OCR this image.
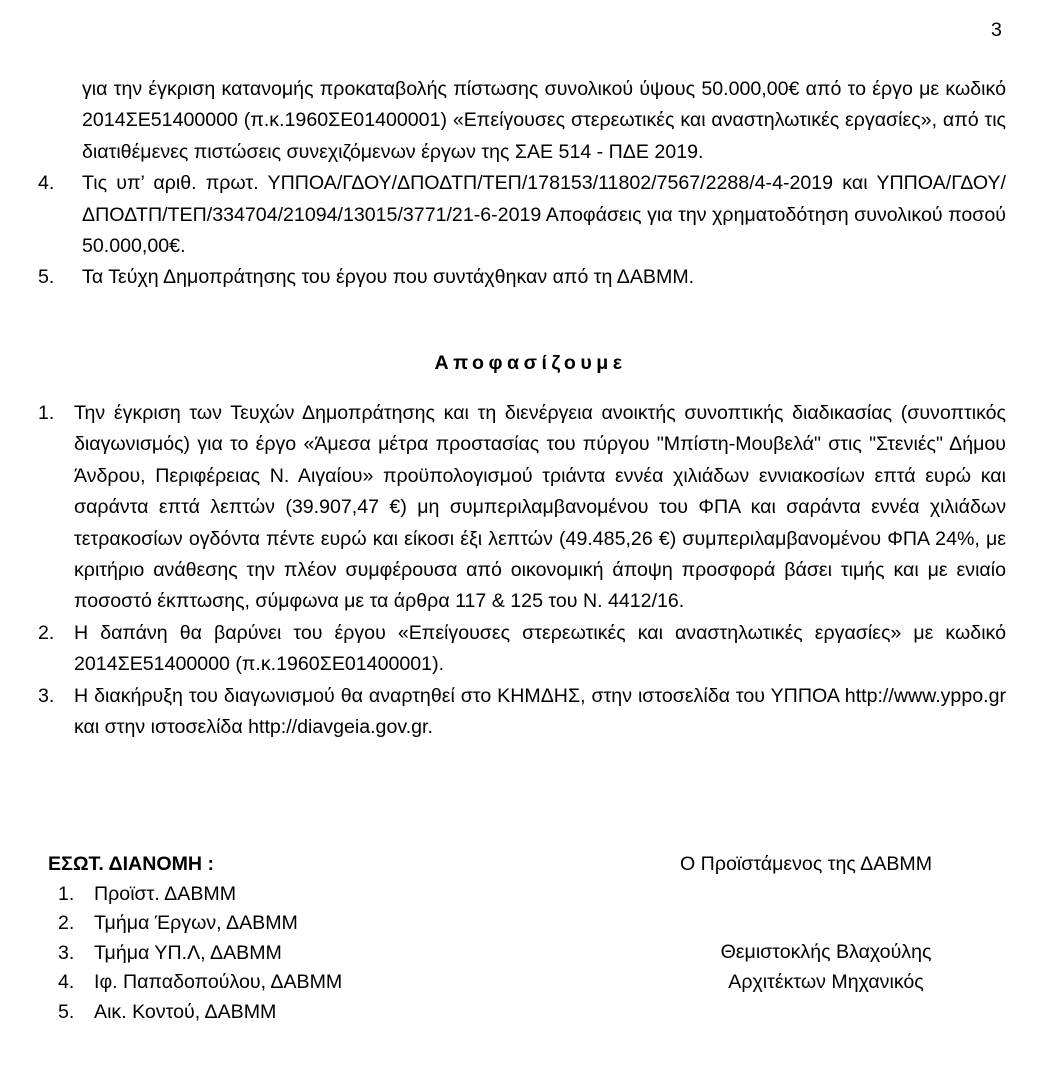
3
για την έγκριση κατανομής προκαταβολής πίστωσης συνολικού ύψους 50.000,00€ από το έργο με κωδικό 2014ΣΕ51400000 (π.κ.1960ΣΕ01400001) «Επείγουσες στερεωτικές και αναστηλωτικές εργασίες», από τις διατιθέμενες πιστώσεις συνεχιζόμενων έργων της ΣΑΕ 514 - ΠΔΕ 2019.
4. Τις υπ’ αριθ. πρωτ. ΥΠΠΟΑ/ΓΔΟΥ/ΔΠΟΔΤΠ/ΤΕΠ/178153/11802/7567/2288/4-4-2019 και ΥΠΠΟΑ/ΓΔΟΥ/ΔΠΟΔΤΠ/ΤΕΠ/334704/21094/13015/3771/21-6-2019 Αποφάσεις για την χρηματοδότηση συνολικού ποσού 50.000,00€.
5. Τα Τεύχη Δημοπράτησης του έργου που συντάχθηκαν από τη ΔΑΒΜΜ.
Αποφασίζουμε
1. Την έγκριση των Τευχών Δημοπράτησης και τη διενέργεια ανοικτής συνοπτικής διαδικασίας (συνοπτικός διαγωνισμός) για το έργο «Άμεσα μέτρα προστασίας του πύργου "Μπίστη-Μουβελά" στις "Στενιές" Δήμου Άνδρου, Περιφέρειας Ν. Αιγαίου» προϋπολογισμού τριάντα εννέα χιλιάδων εννιακοσίων επτά ευρώ και σαράντα επτά λεπτών (39.907,47 €) μη συμπεριλαμβανομένου του ΦΠΑ και σαράντα εννέα χιλιάδων τετρακοσίων ογδόντα πέντε ευρώ και είκοσι έξι λεπτών (49.485,26 €) συμπεριλαμβανομένου ΦΠΑ 24%, με κριτήριο ανάθεσης την πλέον συμφέρουσα από οικονομική άποψη προσφορά βάσει τιμής και με ενιαίο ποσοστό έκπτωσης, σύμφωνα με τα άρθρα 117 & 125 του Ν. 4412/16.
2. Η δαπάνη θα βαρύνει του έργου «Επείγουσες στερεωτικές και αναστηλωτικές εργασίες» με κωδικό 2014ΣΕ51400000 (π.κ.1960ΣΕ01400001).
3. Η διακήρυξη του διαγωνισμού θα αναρτηθεί στο ΚΗΜΔΗΣ, στην ιστοσελίδα του ΥΠΠΟΑ http://www.yppo.gr και στην ιστοσελίδα http://diavgeia.gov.gr.
ΕΣΩΤ. ΔΙΑΝΟΜΗ :
1. Προϊστ. ΔΑΒΜΜ
2. Τμήμα Έργων, ΔΑΒΜΜ
3. Τμήμα ΥΠ.Λ, ΔΑΒΜΜ
4. Ιφ. Παπαδοπούλου, ΔΑΒΜΜ
5. Αικ. Κοντού, ΔΑΒΜΜ
Ο Προϊστάμενος της ΔΑΒΜΜ
Θεμιστοκλής Βλαχούλης
Αρχιτέκτων Μηχανικός
